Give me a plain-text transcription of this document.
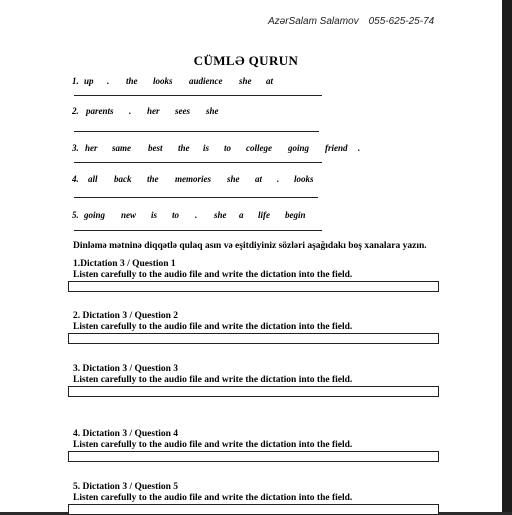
AzərSalam Salamov 055-625-25-74
CÜMLƏ QURUN
1. up . the looks audience she at
2. parents . her sees she
3. her same best the is to college going friend .
4. all back the memories she at . looks
5. going new is to . she a life begin
Dinləmə mətninə diqqətlə qulaq asın və eşitdiyiniz sözləri aşağıdakı boş xanalara yazın.
1.Dictation 3 / Question 1
Listen carefully to the audio file and write the dictation into the field.
2. Dictation 3 / Question 2
Listen carefully to the audio file and write the dictation into the field.
3. Dictation 3 / Question 3
Listen carefully to the audio file and write the dictation into the field.
4. Dictation 3 / Question 4
Listen carefully to the audio file and write the dictation into the field.
5. Dictation 3 / Question 5
Listen carefully to the audio file and write the dictation into the field.
